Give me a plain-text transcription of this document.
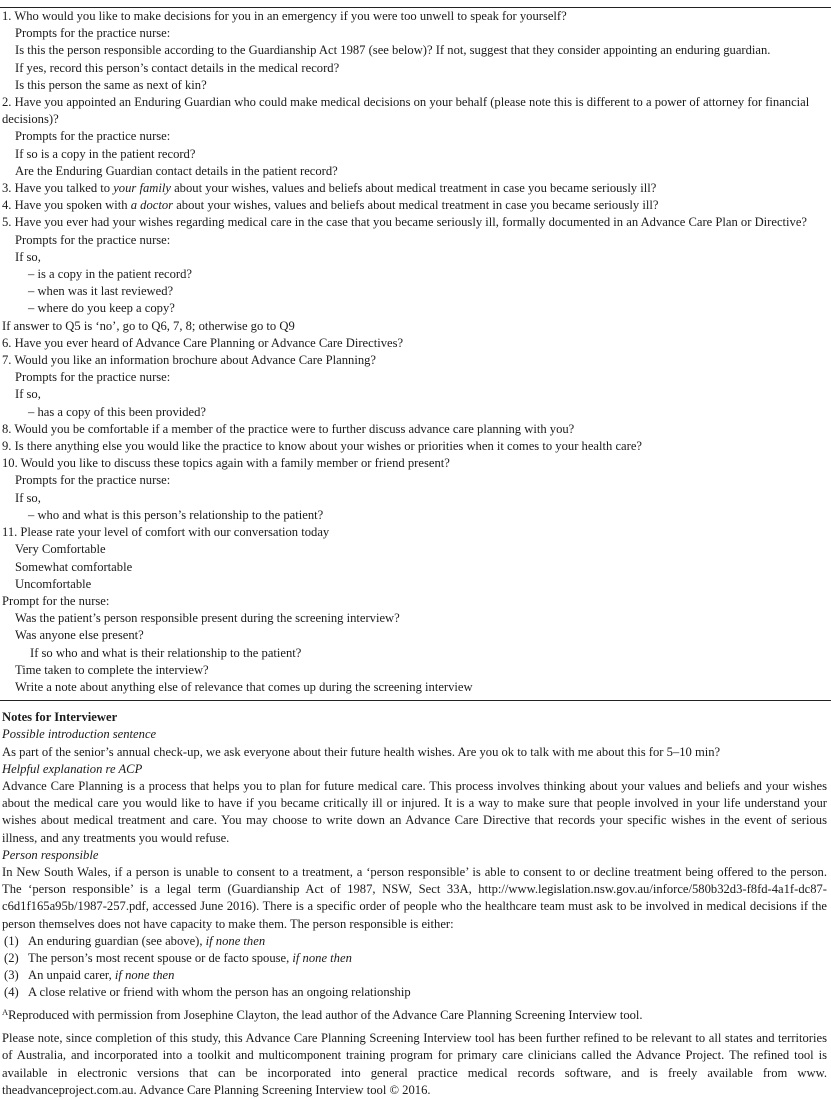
1. Who would you like to make decisions for you in an emergency if you were too unwell to speak for yourself?
Prompts for the practice nurse:
Is this the person responsible according to the Guardianship Act 1987 (see below)? If not, suggest that they consider appointing an enduring guardian.
If yes, record this person’s contact details in the medical record?
Is this person the same as next of kin?
2. Have you appointed an Enduring Guardian who could make medical decisions on your behalf (please note this is different to a power of attorney for financial decisions)?
Prompts for the practice nurse:
If so is a copy in the patient record?
Are the Enduring Guardian contact details in the patient record?
3. Have you talked to your family about your wishes, values and beliefs about medical treatment in case you became seriously ill?
4. Have you spoken with a doctor about your wishes, values and beliefs about medical treatment in case you became seriously ill?
5. Have you ever had your wishes regarding medical care in the case that you became seriously ill, formally documented in an Advance Care Plan or Directive?
Prompts for the practice nurse:
If so,
– is a copy in the patient record?
– when was it last reviewed?
– where do you keep a copy?
If answer to Q5 is ‘no’, go to Q6, 7, 8; otherwise go to Q9
6. Have you ever heard of Advance Care Planning or Advance Care Directives?
7. Would you like an information brochure about Advance Care Planning?
Prompts for the practice nurse:
If so,
– has a copy of this been provided?
8. Would you be comfortable if a member of the practice were to further discuss advance care planning with you?
9. Is there anything else you would like the practice to know about your wishes or priorities when it comes to your health care?
10. Would you like to discuss these topics again with a family member or friend present?
Prompts for the practice nurse:
If so,
– who and what is this person’s relationship to the patient?
11. Please rate your level of comfort with our conversation today
Very Comfortable
Somewhat comfortable
Uncomfortable
Prompt for the nurse:
Was the patient’s person responsible present during the screening interview?
Was anyone else present?
If so who and what is their relationship to the patient?
Time taken to complete the interview?
Write a note about anything else of relevance that comes up during the screening interview
Notes for Interviewer
Possible introduction sentence
As part of the senior’s annual check-up, we ask everyone about their future health wishes. Are you ok to talk with me about this for 5–10 min?
Helpful explanation re ACP
Advance Care Planning is a process that helps you to plan for future medical care. This process involves thinking about your values and beliefs and your wishes about the medical care you would like to have if you became critically ill or injured. It is a way to make sure that people involved in your life understand your wishes about medical treatment and care. You may choose to write down an Advance Care Directive that records your specific wishes in the event of serious illness, and any treatments you would refuse.
Person responsible
In New South Wales, if a person is unable to consent to a treatment, a ‘person responsible’ is able to consent to or decline treatment being offered to the person. The ‘person responsible’ is a legal term (Guardianship Act of 1987, NSW, Sect 33A, http://www.legislation.nsw.gov.au/inforce/580b32d3-f8fd-4a1f-dc87-c6d1f165a95b/1987-257.pdf, accessed June 2016). There is a specific order of people who the healthcare team must ask to be involved in medical decisions if the person themselves does not have capacity to make them. The person responsible is either:
(1) An enduring guardian (see above), if none then
(2) The person’s most recent spouse or de facto spouse, if none then
(3) An unpaid carer, if none then
(4) A close relative or friend with whom the person has an ongoing relationship
$^A$Reproduced with permission from Josephine Clayton, the lead author of the Advance Care Planning Screening Interview tool.
Please note, since completion of this study, this Advance Care Planning Screening Interview tool has been further refined to be relevant to all states and territories of Australia, and incorporated into a toolkit and multicomponent training program for primary care clinicians called the Advance Project. The refined tool is available in electronic versions that can be incorporated into general practice medical records software, and is freely available from www. theadvanceproject.com.au. Advance Care Planning Screening Interview tool © 2016.
